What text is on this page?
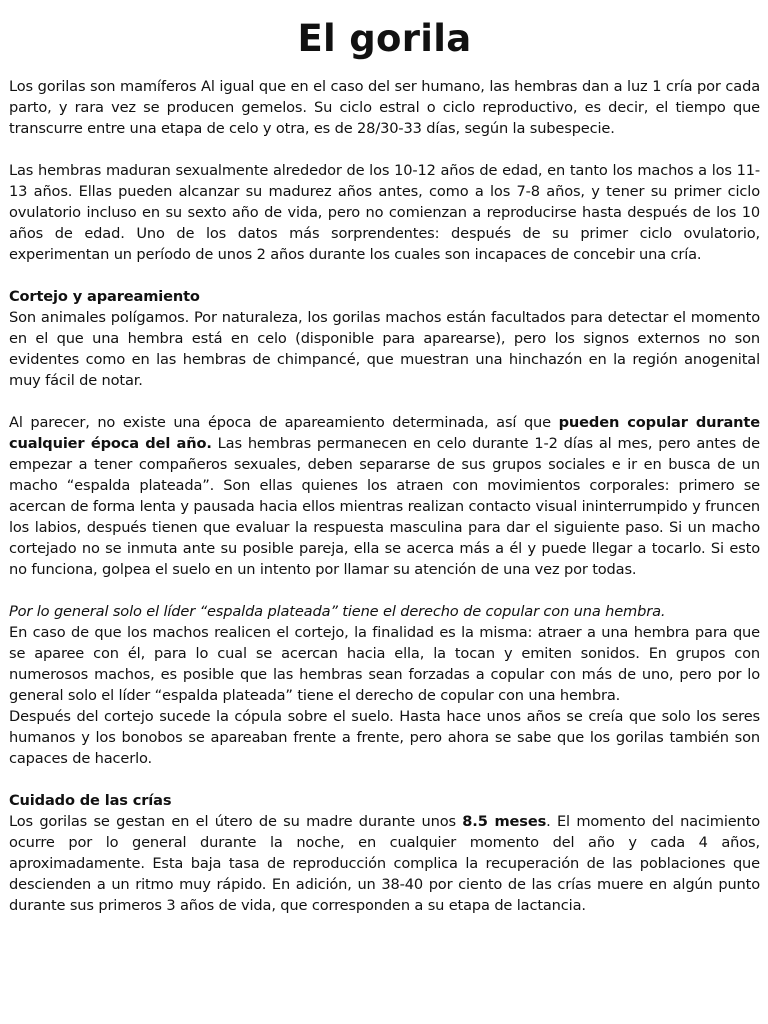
El gorila

Los gorilas son mamíferos Al igual que en el caso del ser humano, las hembras dan a luz 1 cría por cada parto, y rara vez se producen gemelos. Su ciclo estral o ciclo reproductivo, es decir, el tiempo que transcurre entre una etapa de celo y otra, es de 28/30-33 días, según la subespecie.

Las hembras maduran sexualmente alrededor de los 10-12 años de edad, en tanto los machos a los 11-13 años. Ellas pueden alcanzar su madurez años antes, como a los 7-8 años, y tener su primer ciclo ovulatorio incluso en su sexto año de vida, pero no comienzan a reproducirse hasta después de los 10 años de edad. Uno de los datos más sorprendentes: después de su primer ciclo ovulatorio, experimentan un período de unos 2 años durante los cuales son incapaces de concebir una cría.

Cortejo y apareamiento

Son animales polígamos. Por naturaleza, los gorilas machos están facultados para detectar el momento en el que una hembra está en celo (disponible para aparearse), pero los signos externos no son evidentes como en las hembras de chimpancé, que muestran una hinchazón en la región anogenital muy fácil de notar.

Al parecer, no existe una época de apareamiento determinada, así que pueden copular durante cualquier época del año. Las hembras permanecen en celo durante 1-2 días al mes, pero antes de empezar a tener compañeros sexuales, deben separarse de sus grupos sociales e ir en busca de un macho “espalda plateada”. Son ellas quienes los atraen con movimientos corporales: primero se acercan de forma lenta y pausada hacia ellos mientras realizan contacto visual ininterrumpido y fruncen los labios, después tienen que evaluar la respuesta masculina para dar el siguiente paso. Si un macho cortejado no se inmuta ante su posible pareja, ella se acerca más a él y puede llegar a tocarlo. Si esto no funciona, golpea el suelo en un intento por llamar su atención de una vez por todas.

Por lo general solo el líder “espalda plateada” tiene el derecho de copular con una hembra.

En caso de que los machos realicen el cortejo, la finalidad es la misma: atraer a una hembra para que se aparee con él, para lo cual se acercan hacia ella, la tocan y emiten sonidos. En grupos con numerosos machos, es posible que las hembras sean forzadas a copular con más de uno, pero por lo general solo el líder “espalda plateada” tiene el derecho de copular con una hembra.

Después del cortejo sucede la cópula sobre el suelo. Hasta hace unos años se creía que solo los seres humanos y los bonobos se apareaban frente a frente, pero ahora se sabe que los gorilas también son capaces de hacerlo.

Cuidado de las crías

Los gorilas se gestan en el útero de su madre durante unos 8.5 meses. El momento del nacimiento ocurre por lo general durante la noche, en cualquier momento del año y cada 4 años, aproximadamente. Esta baja tasa de reproducción complica la recuperación de las poblaciones que descienden a un ritmo muy rápido. En adición, un 38-40 por ciento de las crías muere en algún punto durante sus primeros 3 años de vida, que corresponden a su etapa de lactancia.
